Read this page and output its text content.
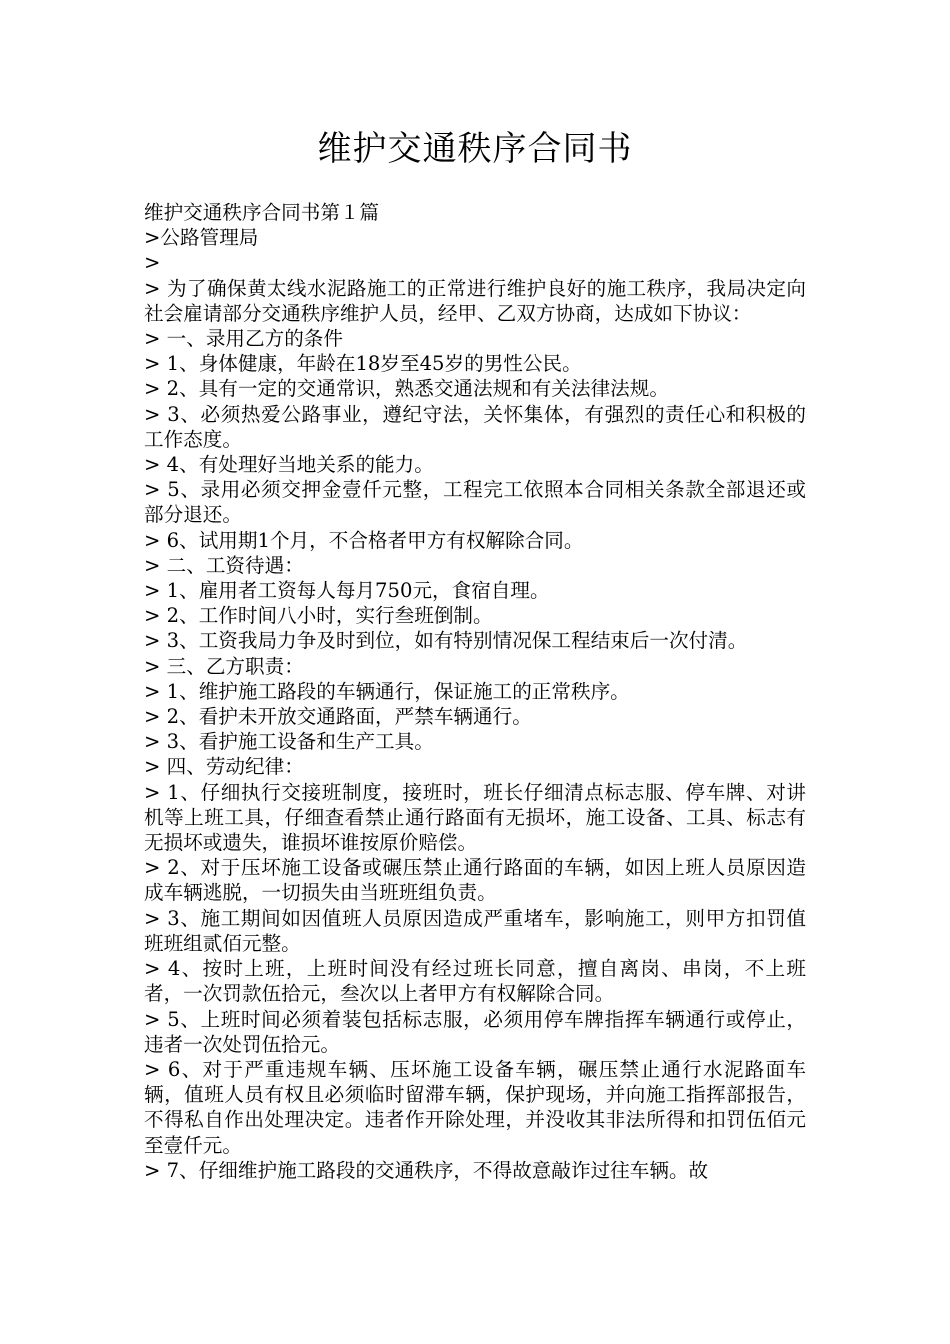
维护交通秩序合同书

维护交通秩序合同书第１篇

>公路管理局

>

> 为了确保黄太线水泥路施工的正常进行维护良好的施工秩序，我局决定向社会雇请部分交通秩序维护人员，经甲、乙双方协商，达成如下协议：

> 一、录用乙方的条件

> 1、身体健康，年龄在18岁至45岁的男性公民。

> 2、具有一定的交通常识，熟悉交通法规和有关法律法规。

> 3、必须热爱公路事业，遵纪守法，关怀集体，有强烈的责任心和积极的工作态度。

> 4、有处理好当地关系的能力。

> 5、录用必须交押金壹仟元整，工程完工依照本合同相关条款全部退还或部分退还。

> 6、试用期1个月，不合格者甲方有权解除合同。

> 二、工资待遇：

> 1、雇用者工资每人每月750元，食宿自理。

> 2、工作时间八小时，实行叁班倒制。

> 3、工资我局力争及时到位，如有特别情况保工程结束后一次付清。

> 三、乙方职责：

> 1、维护施工路段的车辆通行，保证施工的正常秩序。

> 2、看护未开放交通路面，严禁车辆通行。

> 3、看护施工设备和生产工具。

> 四、劳动纪律：

> 1、仔细执行交接班制度，接班时，班长仔细清点标志服、停车牌、对讲机等上班工具，仔细查看禁止通行路面有无损坏，施工设备、工具、标志有无损坏或遗失，谁损坏谁按原价赔偿。

> 2、对于压坏施工设备或碾压禁止通行路面的车辆，如因上班人员原因造成车辆逃脱，一切损失由当班班组负责。

> 3、施工期间如因值班人员原因造成严重堵车，影响施工，则甲方扣罚值班班组贰佰元整。

> 4、按时上班，上班时间没有经过班长同意，擅自离岗、串岗，不上班者，一次罚款伍拾元，叁次以上者甲方有权解除合同。

> 5、上班时间必须着装包括标志服，必须用停车牌指挥车辆通行或停止，违者一次处罚伍拾元。

> 6、对于严重违规车辆、压坏施工设备车辆，碾压禁止通行水泥路面车辆，值班人员有权且必须临时留滞车辆，保护现场，并向施工指挥部报告，不得私自作出处理决定。违者作开除处理，并没收其非法所得和扣罚伍佰元至壹仟元。

> 7、仔细维护施工路段的交通秩序，不得故意敲诈过往车辆。故
